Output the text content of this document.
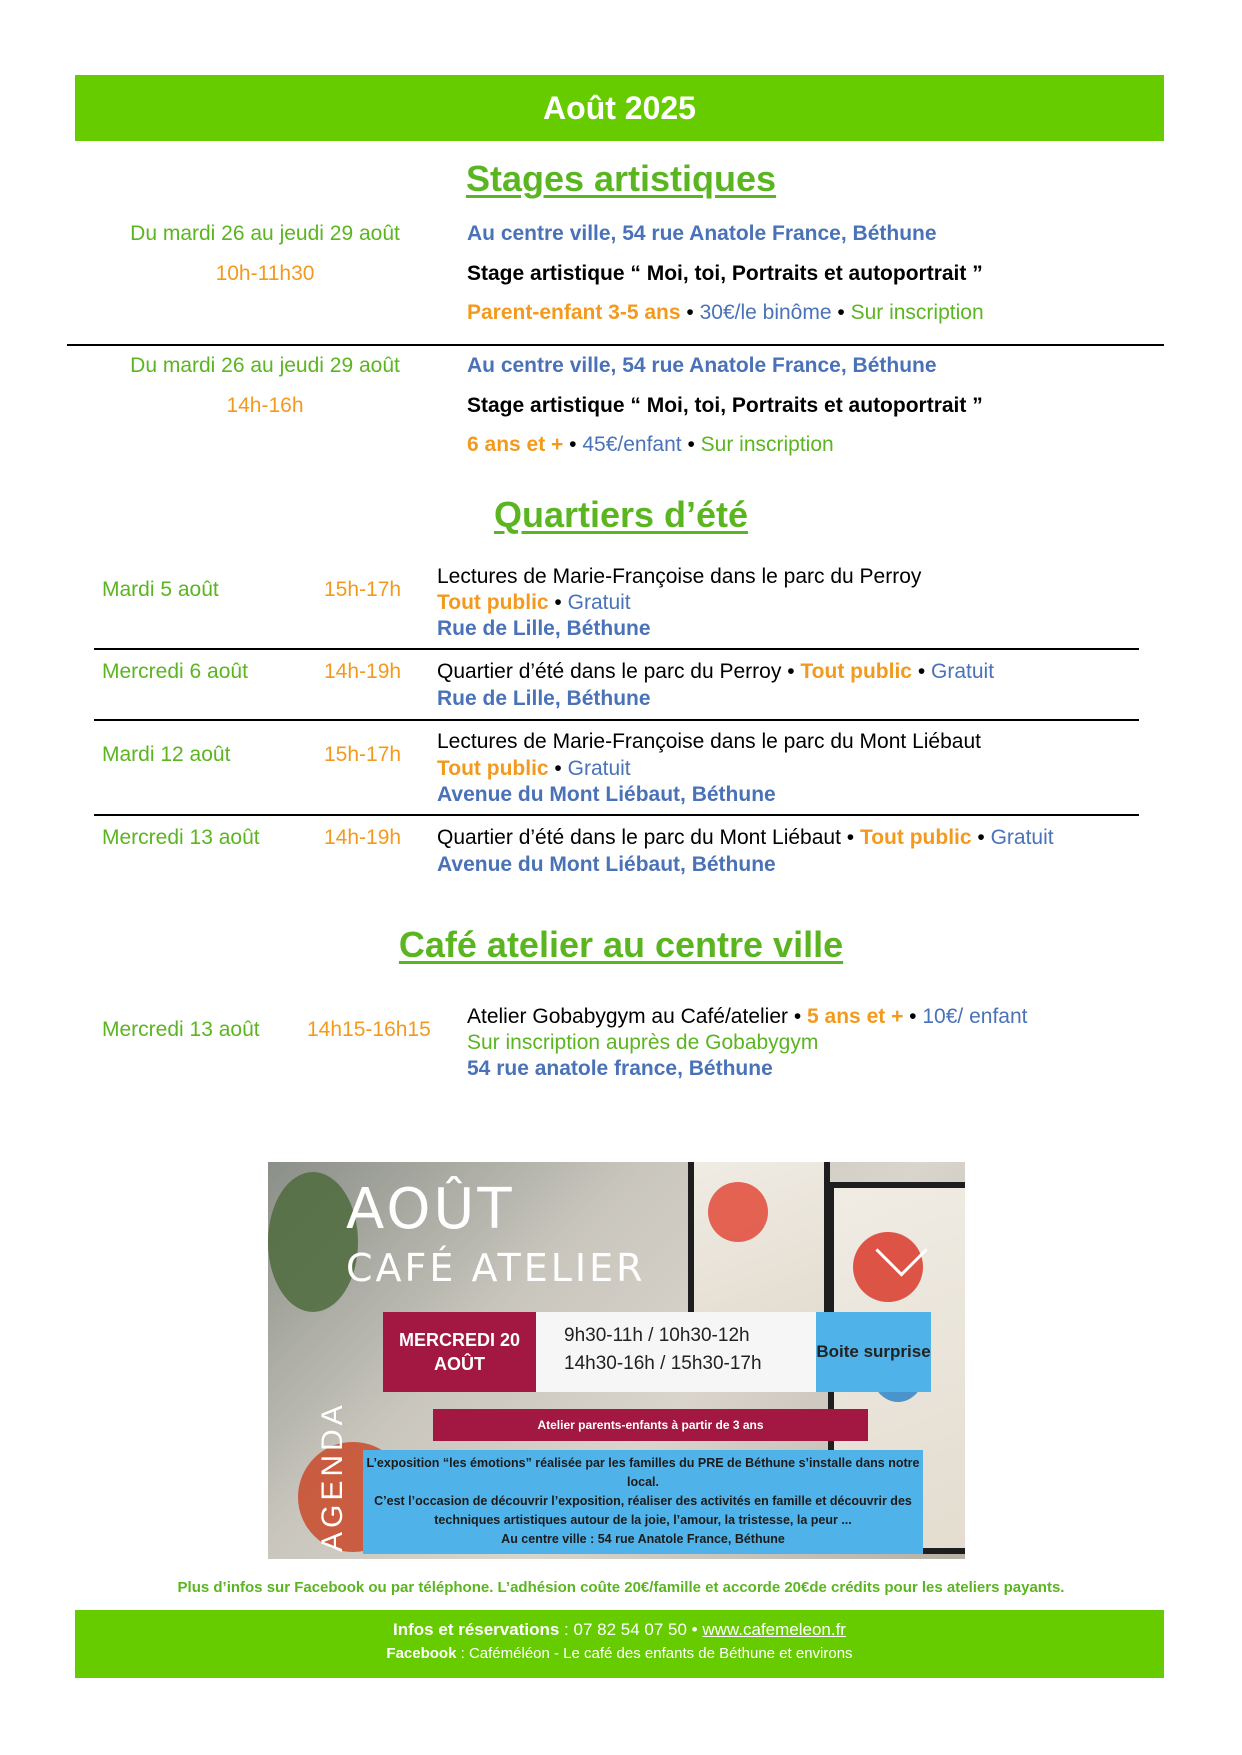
Août 2025
Stages artistiques
Du mardi 26 au jeudi 29 août
10h-11h30
Au centre ville, 54 rue Anatole France, Béthune
Stage artistique “ Moi, toi, Portraits et autoportrait ”
Parent-enfant 3-5 ans • 30€/le binôme • Sur inscription
Du mardi 26 au jeudi 29 août
14h-16h
Au centre ville, 54 rue Anatole France, Béthune
Stage artistique “ Moi, toi, Portraits et autoportrait ”
6 ans et + • 45€/enfant • Sur inscription
Quartiers d’été
Mardi 5 août	15h-17h
Lectures de Marie-Françoise dans le parc du Perroy
Tout public • Gratuit
Rue de Lille, Béthune
Mercredi 6 août	14h-19h Quartier d’été dans le parc du Perroy • Tout public • Gratuit
Rue de Lille, Béthune
Mardi 12 août	15h-17h
Lectures de Marie-Françoise dans le parc du Mont Liébaut
Tout public • Gratuit
Avenue du Mont Liébaut, Béthune
Mercredi 13 août	14h-19h Quartier d’été dans le parc du Mont Liébaut • Tout public • Gratuit
Avenue du Mont Liébaut, Béthune
Café atelier au centre ville
Mercredi 13 août 14h15-16h15
Atelier Gobabygym au Café/atelier • 5 ans et + • 10€/ enfant
Sur inscription auprès de Gobabygym
54 rue anatole france, Béthune
AOÛT
CAFÉ ATELIER
MERCREDI 20 AOÛT
9h30-11h / 10h30-12h
14h30-16h / 15h30-17h
Boite surprise
Atelier parents-enfants à partir de 3 ans
L’exposition “les émotions” réalisée par les familles du PRE de Béthune s’installe dans notre local.
C’est l’occasion de découvrir l’exposition, réaliser des activités en famille et découvrir des techniques artistiques autour de la joie, l’amour, la tristesse, la peur ...
Au centre ville : 54 rue Anatole France, Béthune
AGENDA
Plus d’infos sur Facebook ou par téléphone. L’adhésion coûte 20€/famille et accorde 20€de crédits pour les ateliers payants.
Infos et réservations : 07 82 54 07 50 • www.cafemeleon.fr
Facebook : Caféméléon - Le café des enfants de Béthune et environs
